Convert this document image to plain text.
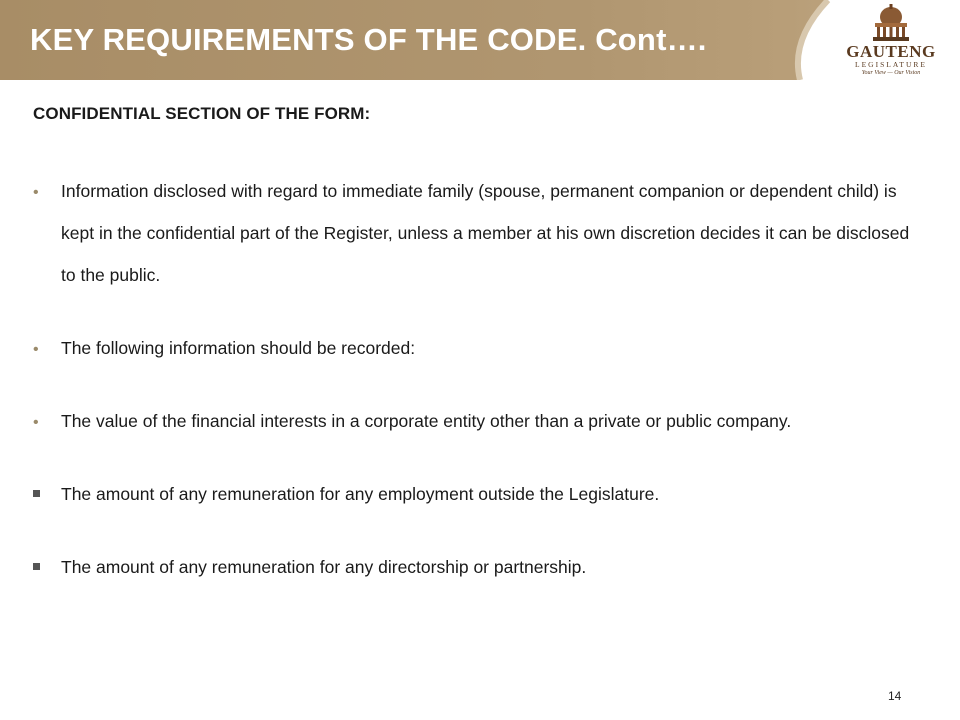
KEY REQUIREMENTS OF THE CODE. Cont….	GAUTENG
LEGISLATURE
Your View — Our Vision
CONFIDENTIAL SECTION OF THE FORM:
•
Information disclosed with regard to immediate family (spouse, permanent companion or dependent child) is kept in the confidential part of the Register, unless a member at his own discretion decides it can be disclosed to the public.
•
The following information should be recorded:
•
The value of the financial interests in a corporate entity other than a private or public company.
The amount of any remuneration for any employment outside the Legislature.
The amount of any remuneration for any directorship or partnership.
14
